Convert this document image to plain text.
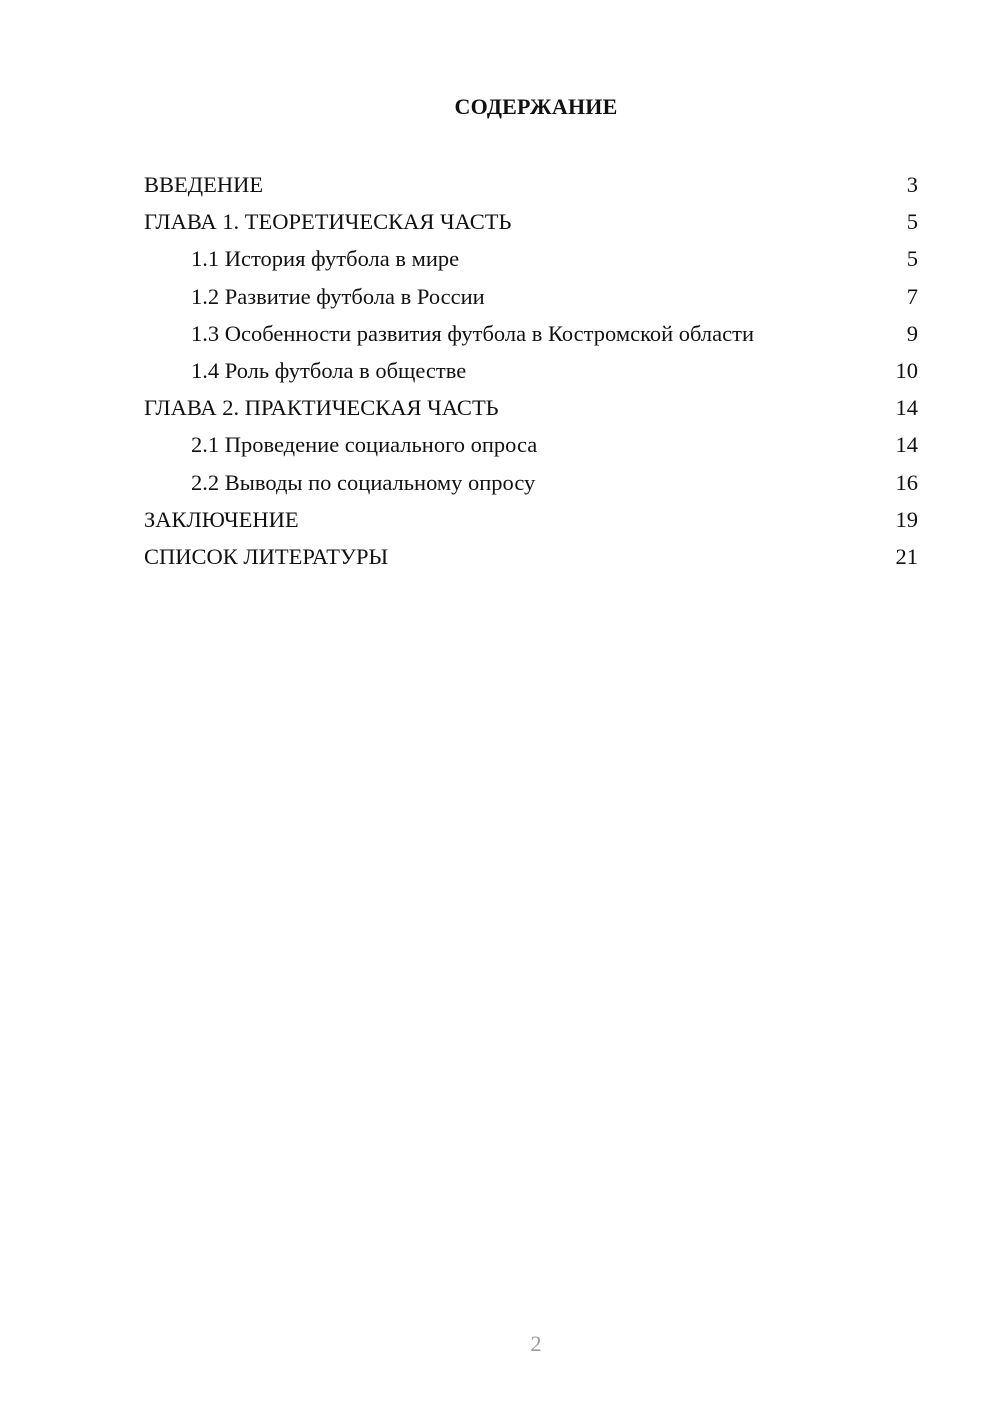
СОДЕРЖАНИЕ
ВВЕДЕНИЕ	3
ГЛАВА 1. ТЕОРЕТИЧЕСКАЯ ЧАСТЬ	5
1.1 История футбола в мире	5
1.2 Развитие футбола в России	7
1.3 Особенности развития футбола в Костромской области	9
1.4 Роль футбола в обществе	10
ГЛАВА 2. ПРАКТИЧЕСКАЯ ЧАСТЬ	14
2.1 Проведение социального опроса	14
2.2 Выводы по социальному опросу	16
ЗАКЛЮЧЕНИЕ	19
СПИСОК ЛИТЕРАТУРЫ	21
2
